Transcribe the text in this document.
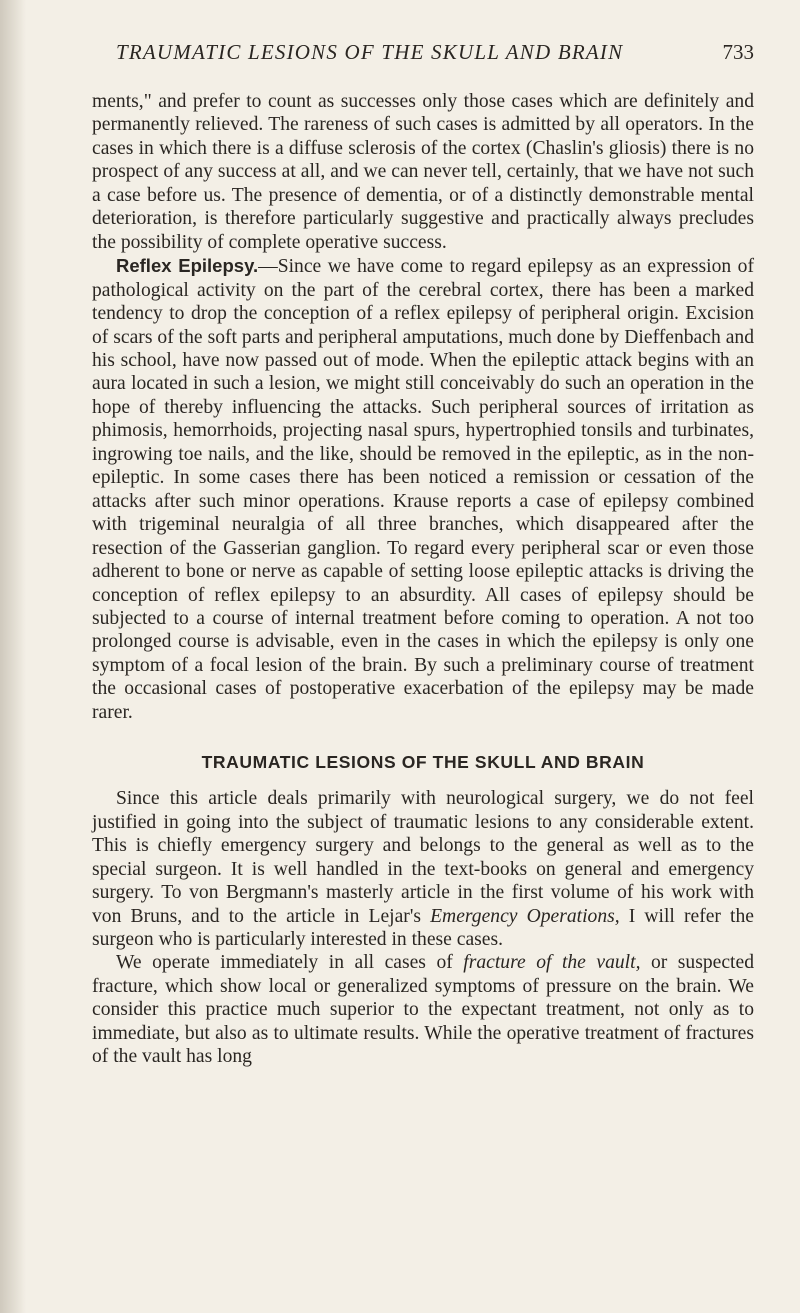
TRAUMATIC LESIONS OF THE SKULL AND BRAIN	733

ments," and prefer to count as successes only those cases which are definitely and permanently relieved. The rareness of such cases is admitted by all operators. In the cases in which there is a diffuse sclerosis of the cortex (Chaslin's gliosis) there is no prospect of any success at all, and we can never tell, certainly, that we have not such a case before us. The presence of dementia, or of a distinctly demonstrable mental deterioration, is therefore particularly suggestive and practically always precludes the possibility of complete operative success.

Reflex Epilepsy.—Since we have come to regard epilepsy as an expression of pathological activity on the part of the cerebral cortex, there has been a marked tendency to drop the conception of a reflex epilepsy of peripheral origin. Excision of scars of the soft parts and peripheral amputations, much done by Dieffenbach and his school, have now passed out of mode. When the epileptic attack begins with an aura located in such a lesion, we might still conceivably do such an operation in the hope of thereby influencing the attacks. Such peripheral sources of irritation as phimosis, hemorrhoids, projecting nasal spurs, hypertrophied tonsils and turbinates, ingrowing toe nails, and the like, should be removed in the epileptic, as in the non-epileptic. In some cases there has been noticed a remission or cessation of the attacks after such minor operations. Krause reports a case of epilepsy combined with trigeminal neuralgia of all three branches, which disappeared after the resection of the Gasserian ganglion. To regard every peripheral scar or even those adherent to bone or nerve as capable of setting loose epileptic attacks is driving the conception of reflex epilepsy to an absurdity. All cases of epilepsy should be subjected to a course of internal treatment before coming to operation. A not too prolonged course is advisable, even in the cases in which the epilepsy is only one symptom of a focal lesion of the brain. By such a preliminary course of treatment the occasional cases of postoperative exacerbation of the epilepsy may be made rarer.

TRAUMATIC LESIONS OF THE SKULL AND BRAIN

Since this article deals primarily with neurological surgery, we do not feel justified in going into the subject of traumatic lesions to any considerable extent. This is chiefly emergency surgery and belongs to the general as well as to the special surgeon. It is well handled in the text-books on general and emergency surgery. To von Bergmann's masterly article in the first volume of his work with von Bruns, and to the article in Lejar's Emergency Operations, I will refer the surgeon who is particularly interested in these cases.

We operate immediately in all cases of fracture of the vault, or suspected fracture, which show local or generalized symptoms of pressure on the brain. We consider this practice much superior to the expectant treatment, not only as to immediate, but also as to ultimate results. While the operative treatment of fractures of the vault has long
